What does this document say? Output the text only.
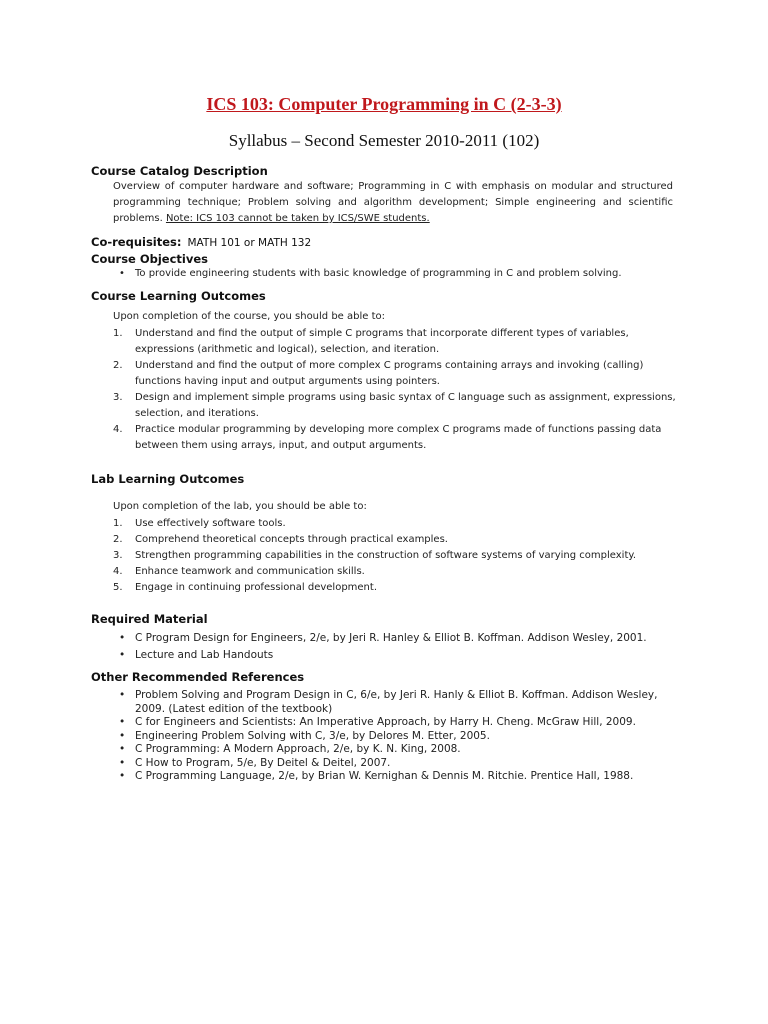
ICS 103: Computer Programming in C (2-3-3)
Syllabus – Second Semester 2010-2011 (102)
Course Catalog Description
Overview of computer hardware and software; Programming in C with emphasis on modular and structured programming technique; Problem solving and algorithm development; Simple engineering and scientific problems. Note: ICS 103 cannot be taken by ICS/SWE students.
Co-requisites: MATH 101 or MATH 132
Course Objectives
• To provide engineering students with basic knowledge of programming in C and problem solving.
Course Learning Outcomes
Upon completion of the course, you should be able to:
1. Understand and find the output of simple C programs that incorporate different types of variables, expressions (arithmetic and logical), selection, and iteration.
2. Understand and find the output of more complex C programs containing arrays and invoking (calling) functions having input and output arguments using pointers.
3. Design and implement simple programs using basic syntax of C language such as assignment, expressions, selection, and iterations.
4. Practice modular programming by developing more complex C programs made of functions passing data between them using arrays, input, and output arguments.
Lab Learning Outcomes
Upon completion of the lab, you should be able to:
1. Use effectively software tools.
2. Comprehend theoretical concepts through practical examples.
3. Strengthen programming capabilities in the construction of software systems of varying complexity.
4. Enhance teamwork and communication skills.
5. Engage in continuing professional development.
Required Material
• C Program Design for Engineers, 2/e, by Jeri R. Hanley & Elliot B. Koffman. Addison Wesley, 2001.
• Lecture and Lab Handouts
Other Recommended References
• Problem Solving and Program Design in C, 6/e, by Jeri R. Hanly & Elliot B. Koffman. Addison Wesley, 2009. (Latest edition of the textbook)
• C for Engineers and Scientists: An Imperative Approach, by Harry H. Cheng. McGraw Hill, 2009.
• Engineering Problem Solving with C, 3/e, by Delores M. Etter, 2005.
• C Programming: A Modern Approach, 2/e, by K. N. King, 2008.
• C How to Program, 5/e, By Deitel & Deitel, 2007.
• C Programming Language, 2/e, by Brian W. Kernighan & Dennis M. Ritchie. Prentice Hall, 1988.
